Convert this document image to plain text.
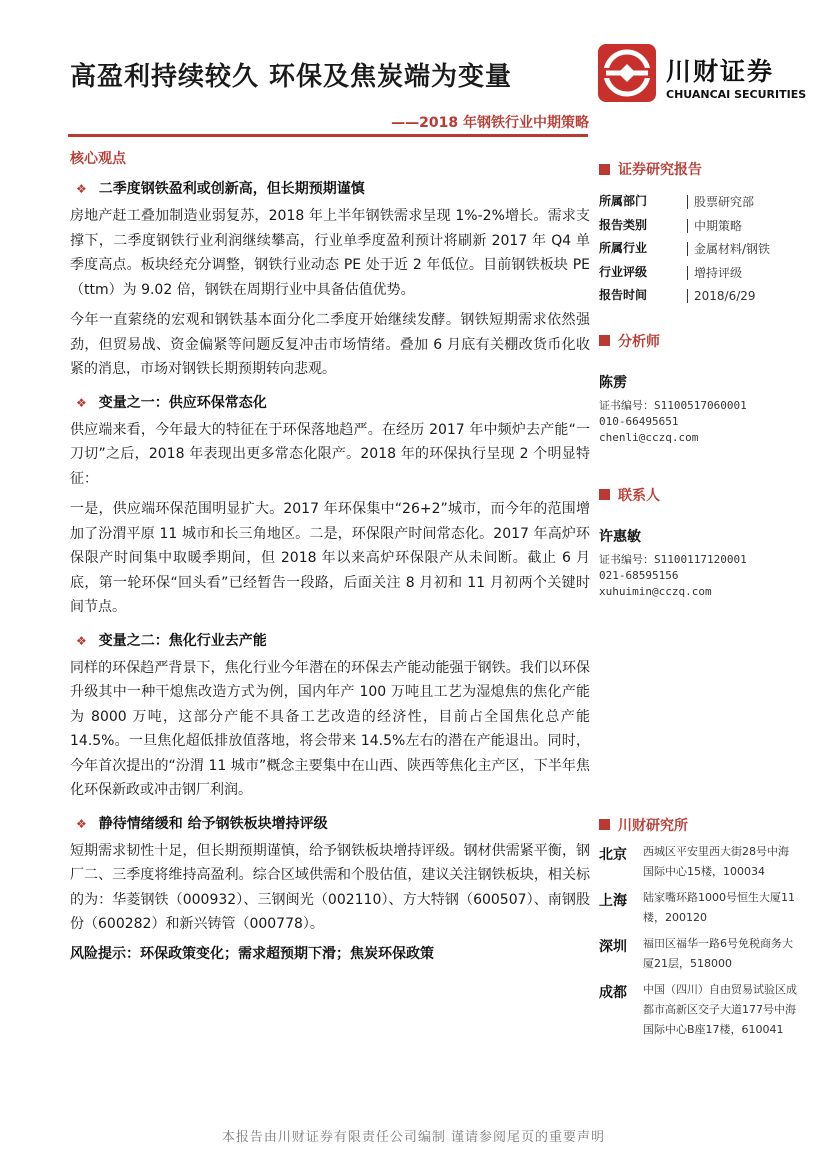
高盈利持续较久 环保及焦炭端为变量
——2018 年钢铁行业中期策略
川财证券
CHUANCAI SECURITIES
核心观点
❖ 二季度钢铁盈利或创新高，但长期预期谨慎

房地产赶工叠加制造业弱复苏，2018 年上半年钢铁需求呈现 1%-2%增长。需求支撑下，二季度钢铁行业利润继续攀高，行业单季度盈利预计将刷新 2017 年 Q4 单季度高点。板块经充分调整，钢铁行业动态 PE 处于近 2 年低位。目前钢铁板块 PE（ttm）为 9.02 倍，钢铁在周期行业中具备估值优势。

今年一直萦绕的宏观和钢铁基本面分化二季度开始继续发酵。钢铁短期需求依然强劲，但贸易战、资金偏紧等问题反复冲击市场情绪。叠加 6 月底有关棚改货币化收紧的消息，市场对钢铁长期预期转向悲观。

❖ 变量之一：供应环保常态化

供应端来看，今年最大的特征在于环保落地趋严。在经历 2017 年中频炉去产能“一刀切”之后，2018 年表现出更多常态化限产。2018 年的环保执行呈现 2 个明显特征：

一是，供应端环保范围明显扩大。2017 年环保集中“26+2”城市，而今年的范围增加了汾渭平原 11 城市和长三角地区。二是，环保限产时间常态化。2017 年高炉环保限产时间集中取暖季期间，但 2018 年以来高炉环保限产从未间断。截止 6 月底，第一轮环保“回头看”已经暂告一段路，后面关注 8 月初和 11 月初两个关键时间节点。

❖ 变量之二：焦化行业去产能

同样的环保趋严背景下，焦化行业今年潜在的环保去产能动能强于钢铁。我们以环保升级其中一种干熄焦改造方式为例，国内年产 100 万吨且工艺为湿熄焦的焦化产能为 8000 万吨，这部分产能不具备工艺改造的经济性，目前占全国焦化总产能 14.5%。一旦焦化超低排放值落地，将会带来 14.5%左右的潜在产能退出。同时，今年首次提出的“汾渭 11 城市”概念主要集中在山西、陕西等焦化主产区，下半年焦化环保新政或冲击钢厂利润。

❖ 静待情绪缓和 给予钢铁板块增持评级

短期需求韧性十足，但长期预期谨慎，给予钢铁板块增持评级。钢材供需紧平衡，钢厂二、三季度将维持高盈利。综合区域供需和个股估值，建议关注钢铁板块，相关标的为：华菱钢铁（000932）、三钢闽光（002110）、方大特钢（600507）、南钢股份（600282）和新兴铸管（000778）。

风险提示：环保政策变化；需求超预期下滑；焦炭环保政策
证券研究报告
所属部门	股票研究部
报告类别	中期策略
所属行业	金属材料/钢铁
行业评级	增持评级
报告时间	2018/6/29
分析师
陈雳
证书编号：S1100517060001
010-66495651
chenli@cczq.com
联系人
许惠敏
证书编号：S1100117120001
021-68595156
xuhuimin@cczq.com
川财研究所
北京	西城区平安里西大街28号中海国际中心15楼，100034
上海	陆家嘴环路1000号恒生大厦11楼，200120
深圳	福田区福华一路6号免税商务大厦21层，518000
成都	中国（四川）自由贸易试验区成都市高新区交子大道177号中海国际中心B座17楼，610041
本报告由川财证券有限责任公司编制 谨请参阅尾页的重要声明
